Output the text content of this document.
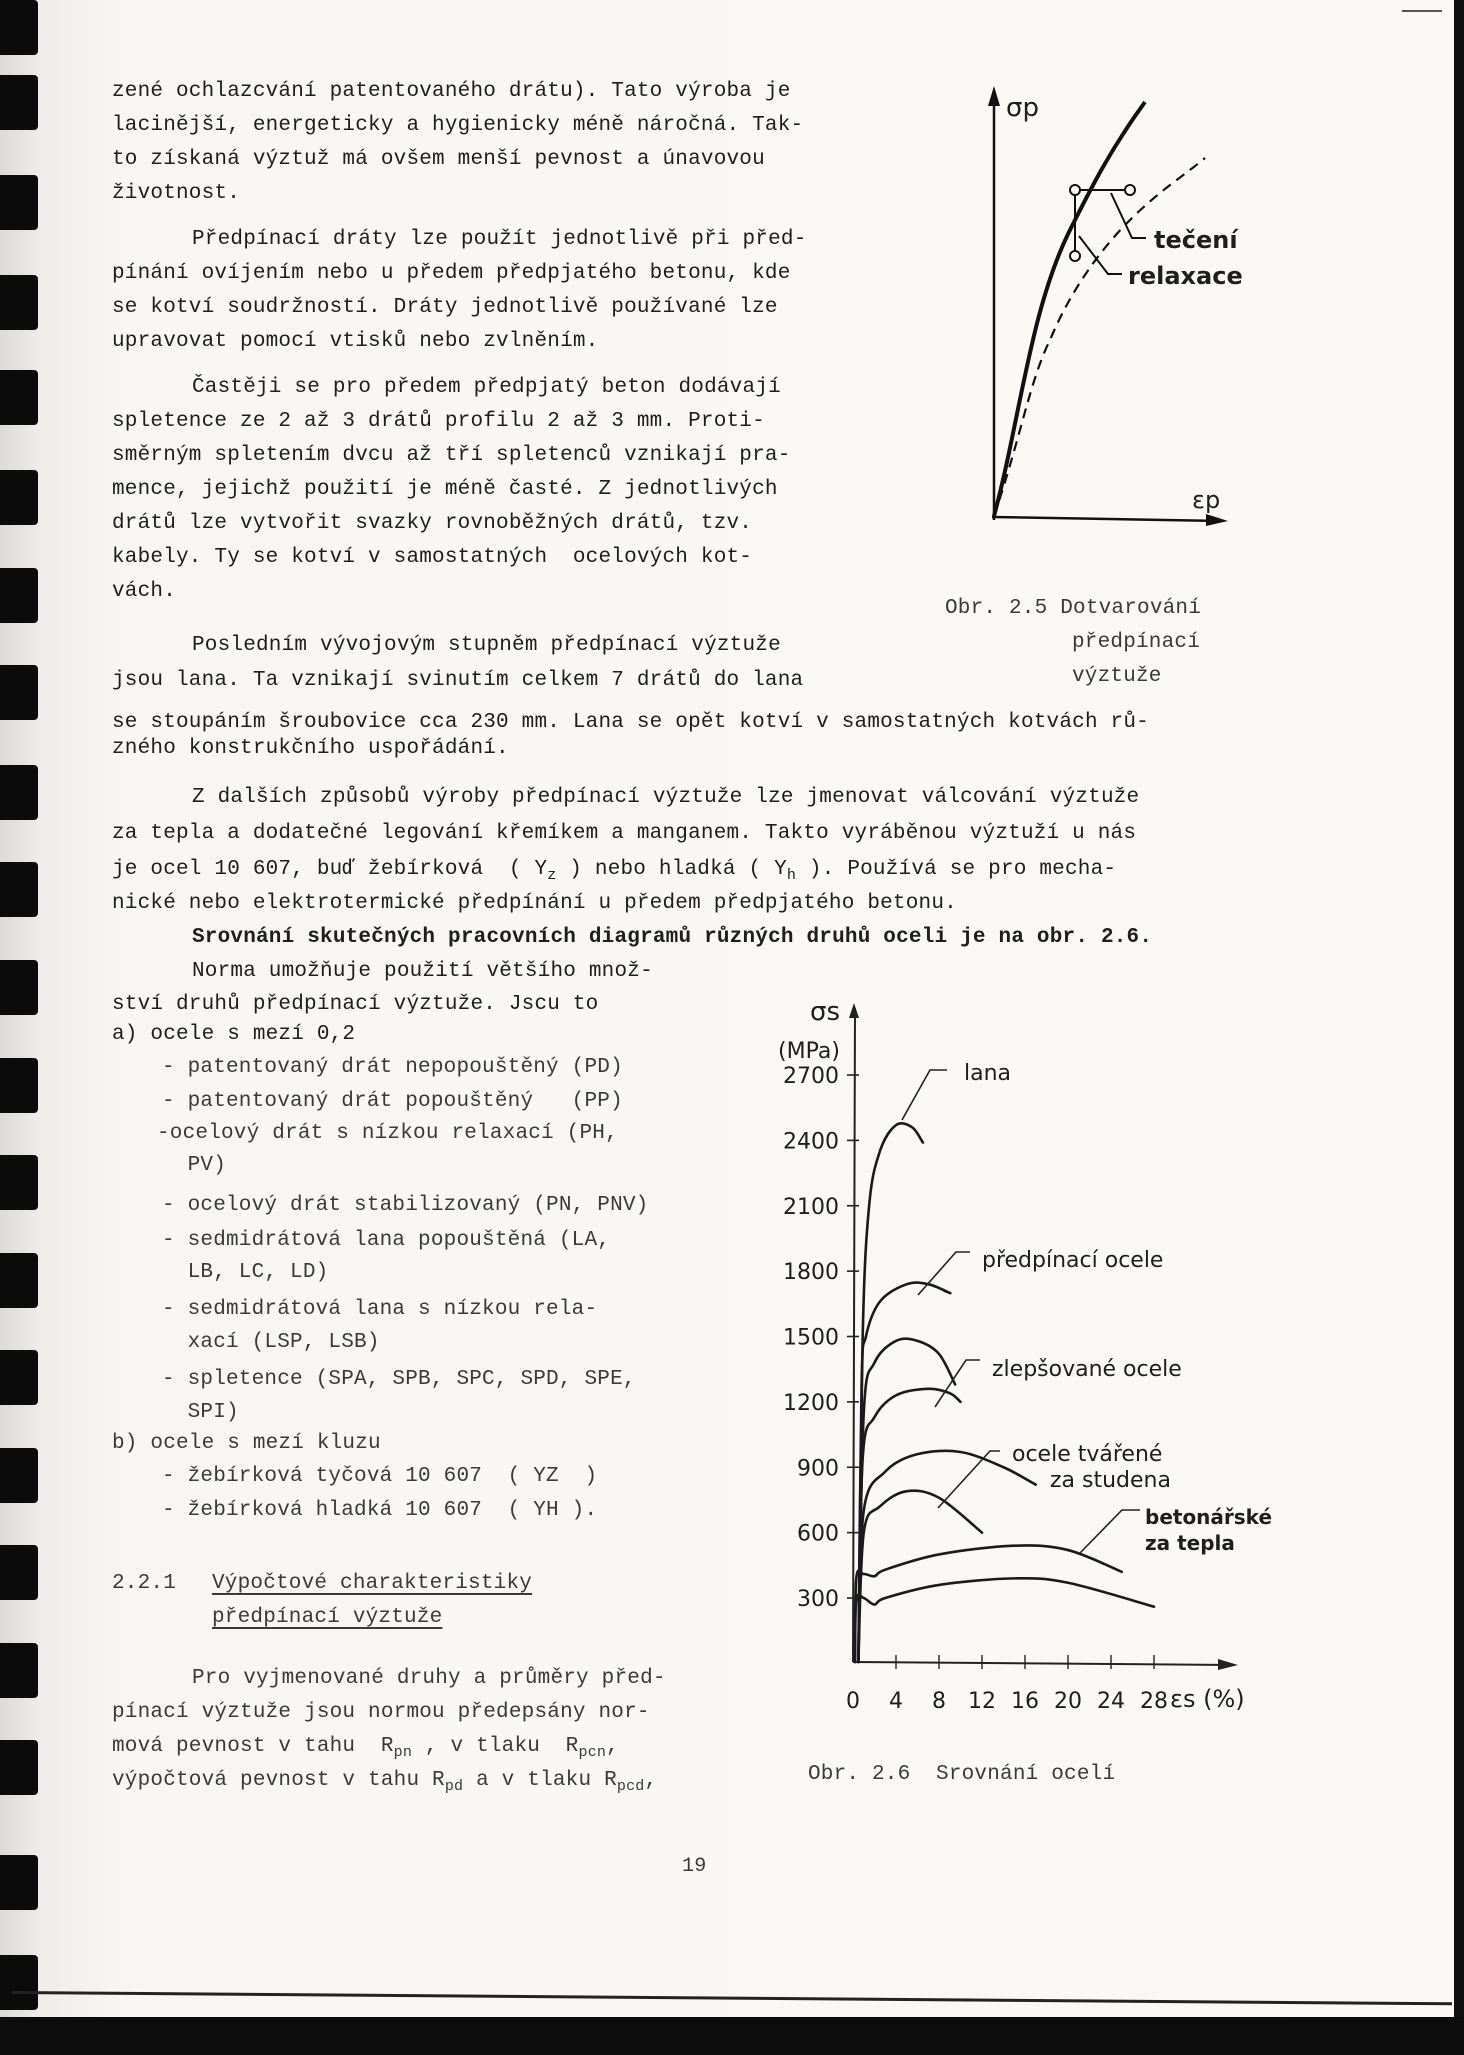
zené ochlazcvání patentovaného drátu). Tato výroba je
lacinější, energeticky a hygienicky méně náročná. Tak-
to získaná výztuž má ovšem menší pevnost a únavovou
životnost.
Předpínací dráty lze použít jednotlivě při před-
pínání ovíjením nebo u předem předpjatého betonu, kde
se kotví soudržností. Dráty jednotlivě používané lze
upravovat pomocí vtisků nebo zvlněním.
Častěji se pro předem předpjatý beton dodávají
spletence ze 2 až 3 drátů profilu 2 až 3 mm. Proti-
směrným spletením dvcu až tří spletenců vznikají pra-
mence, jejichž použití je méně časté. Z jednotlivých
drátů lze vytvořit svazky rovnoběžných drátů, tzv.
kabely. Ty se kotví v samostatných  ocelových kot-
vách.
Posledním vývojovým stupněm předpínací výztuže
jsou lana. Ta vznikají svinutím celkem 7 drátů do lana
se stoupáním šroubovice cca 230 mm. Lana se opět kotví v samostatných kotvách rů-
zného konstrukčního uspořádání.
Z dalších způsobů výroby předpínací výztuže lze jmenovat válcování výztuže
za tepla a dodatečné legování křemíkem a manganem. Takto vyráběnou výztuží u nás
je ocel 10 607, buď žebírková  ( $Y_z$ ) nebo hladká ( $Y_h$ ). Používá se pro mecha-
nické nebo elektrotermické předpínání u předem předpjatého betonu.
Srovnání skutečných pracovních diagramů různých druhů oceli je na obr. 2.6.
Norma umožňuje použití většího množ-
ství druhů předpínací výztuže. Jscu to
a) ocele s mezí 0,2
- patentovaný drát nepopouštěný (PD)
- patentovaný drát popouštěný   (PP)
-ocelový drát s nízkou relaxací (PH,
PV)
- ocelový drát stabilizovaný (PN, PNV)
- sedmidrátová lana popouštěná (LA,
LB, LC, LD)
- sedmidrátová lana s nízkou rela-
xací (LSP, LSB)
- spletence (SPA, SPB, SPC, SPD, SPE,
SPI)
b) ocele s mezí kluzu
- žebírková tyčová 10 607  ( YZ  )
- žebírková hladká 10 607  ( YH ).
2.2.1 Výpočtové charakteristiky
předpínací výztuže
Pro vyjmenované druhy a průměry před-
pínací výztuže jsou normou předepsány nor-
mová pevnost v tahu  $R_{pn}$ , v tlaku  $R_{pcn}$,
výpočtová pevnost v tahu $R_{pd}$ a v tlaku $R_{pcd}$,
19
σp
εp
tečení
relaxace
Obr. 2.5 Dotvarování
předpínací
výztuže
300
600
900
1200
1500
1800
2100
2400
2700
0 4 8 12 16 20 24 28
σs
(MPa)
εs (%)
lana
předpínací ocele
zlepšované ocele
ocele tvářené
za studena
betonářské
za tepla
Obr. 2.6  Srovnání ocelí
